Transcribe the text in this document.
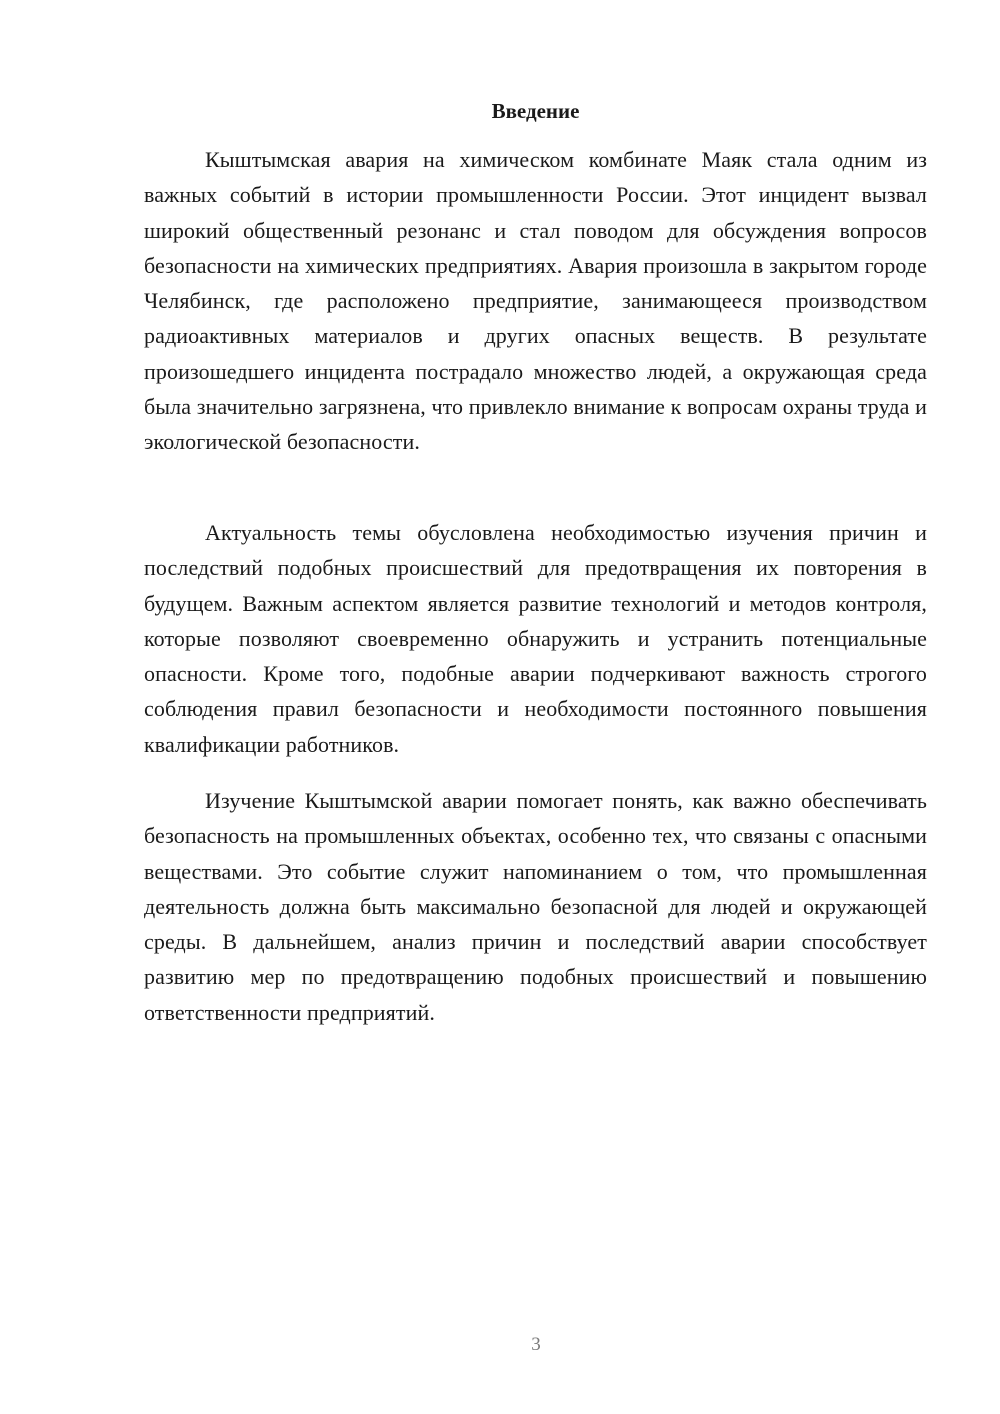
Введение

Кыштымская авария на химическом комбинате Маяк стала одним из важных событий в истории промышленности России. Этот инцидент вызвал широкий общественный резонанс и стал поводом для обсуждения вопросов безопасности на химических предприятиях. Авария произошла в закрытом городе Челябинск, где расположено предприятие, занимающееся производством радиоактивных материалов и других опасных веществ. В результате произошедшего инцидента пострадало множество людей, а окружающая среда была значительно загрязнена, что привлекло внимание к вопросам охраны труда и экологической безопасности.

Актуальность темы обусловлена необходимостью изучения причин и последствий подобных происшествий для предотвращения их повторения в будущем. Важным аспектом является развитие технологий и методов контроля, которые позволяют своевременно обнаружить и устранить потенциальные опасности. Кроме того, подобные аварии подчеркивают важность строгого соблюдения правил безопасности и необходимости постоянного повышения квалификации работников.

Изучение Кыштымской аварии помогает понять, как важно обеспечивать безопасность на промышленных объектах, особенно тех, что связаны с опасными веществами. Это событие служит напоминанием о том, что промышленная деятельность должна быть максимально безопасной для людей и окружающей среды. В дальнейшем, анализ причин и последствий аварии способствует развитию мер по предотвращению подобных происшествий и повышению ответственности предприятий.

3
